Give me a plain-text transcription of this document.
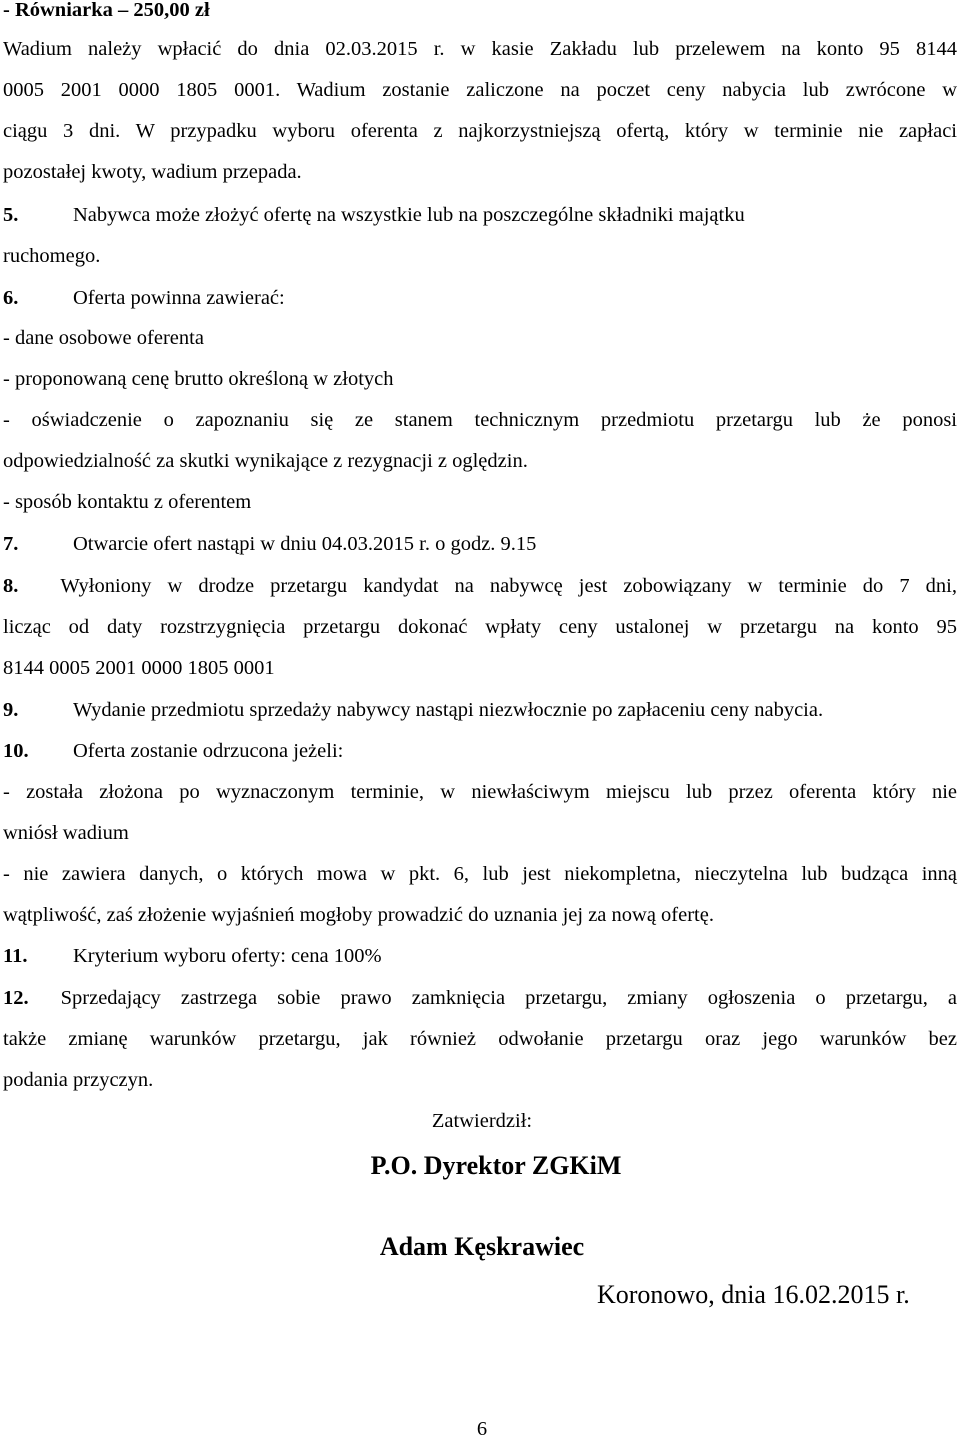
- Równiarka – 250,00 zł
Wadium należy wpłacić do dnia 02.03.2015 r. w kasie Zakładu lub przelewem na konto 95 8144
0005 2001 0000 1805 0001. Wadium zostanie zaliczone na poczet ceny nabycia lub zwrócone w
ciągu 3 dni. W przypadku wyboru oferenta z najkorzystniejszą ofertą, który w terminie nie zapłaci
pozostałej kwoty, wadium przepada.
5.	Nabywca może złożyć ofertę na wszystkie lub na poszczególne składniki majątku
ruchomego.
6.	Oferta powinna zawierać:
- dane osobowe oferenta
- proponowaną cenę brutto określoną w złotych
- oświadczenie o zapoznaniu się ze stanem technicznym przedmiotu przetargu lub że ponosi
odpowiedzialność za skutki wynikające z rezygnacji z oględzin.
- sposób kontaktu z oferentem
7.	Otwarcie ofert nastąpi w dniu 04.03.2015 r. o godz. 9.15
8. Wyłoniony w drodze przetargu kandydat na nabywcę jest zobowiązany w terminie do 7 dni,
licząc od daty rozstrzygnięcia przetargu dokonać wpłaty ceny ustalonej w przetargu na konto 95
8144 0005 2001 0000 1805 0001
9.	Wydanie przedmiotu sprzedaży nabywcy nastąpi niezwłocznie po zapłaceniu ceny nabycia.
10. Oferta zostanie odrzucona jeżeli:
- została złożona po wyznaczonym terminie, w niewłaściwym miejscu lub przez oferenta który nie
wniósł wadium
- nie zawiera danych, o których mowa w pkt. 6, lub jest niekompletna, nieczytelna lub budząca inną
wątpliwość, zaś złożenie wyjaśnień mogłoby prowadzić do uznania jej za nową ofertę.
11. Kryterium wyboru oferty: cena 100%
12. Sprzedający zastrzega sobie prawo zamknięcia przetargu, zmiany ogłoszenia o przetargu, a
także zmianę warunków przetargu, jak również odwołanie przetargu oraz jego warunków bez
podania przyczyn.
Zatwierdził:
P.O. Dyrektor ZGKiM
Adam Kęskrawiec
Koronowo, dnia 16.02.2015 r.
6
